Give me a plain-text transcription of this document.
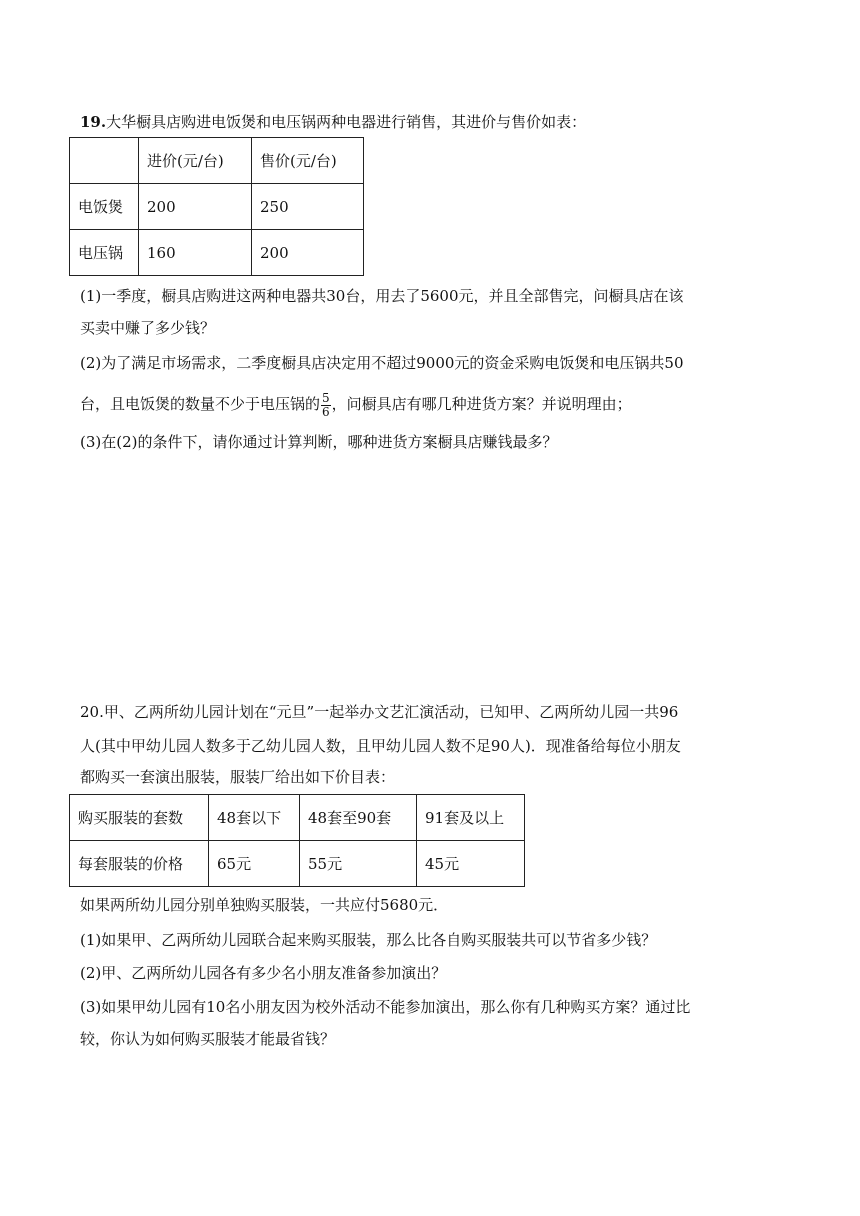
19.大华橱具店购进电饭煲和电压锅两种电器进行销售，其进价与售价如表：
	进价(元/台)	售价(元/台)
电饭煲	200	250
电压锅	160	200
(1)一季度，橱具店购进这两种电器共30台，用去了5600元，并且全部售完，问橱具店在该
买卖中赚了多少钱？
(2)为了满足市场需求，二季度橱具店决定用不超过9000元的资金采购电饭煲和电压锅共50
台，且电饭煲的数量不少于电压锅的 $\frac{5}{6}$ ，问橱具店有哪几种进货方案？并说明理由；
(3)在(2)的条件下，请你通过计算判断，哪种进货方案橱具店赚钱最多？
20.甲、乙两所幼儿园计划在“元旦”一起举办文艺汇演活动，已知甲、乙两所幼儿园一共96
人(其中甲幼儿园人数多于乙幼儿园人数，且甲幼儿园人数不足90人)．现准备给每位小朋友
都购买一套演出服装，服装厂给出如下价目表：
购买服装的套数	48套以下	48套至90套	91套及以上
每套服装的价格	65元	55元	45元
如果两所幼儿园分别单独购买服装，一共应付5680元．
(1)如果甲、乙两所幼儿园联合起来购买服装，那么比各自购买服装共可以节省多少钱？
(2)甲、乙两所幼儿园各有多少名小朋友准备参加演出？
(3)如果甲幼儿园有10名小朋友因为校外活动不能参加演出，那么你有几种购买方案？通过比
较，你认为如何购买服装才能最省钱？
